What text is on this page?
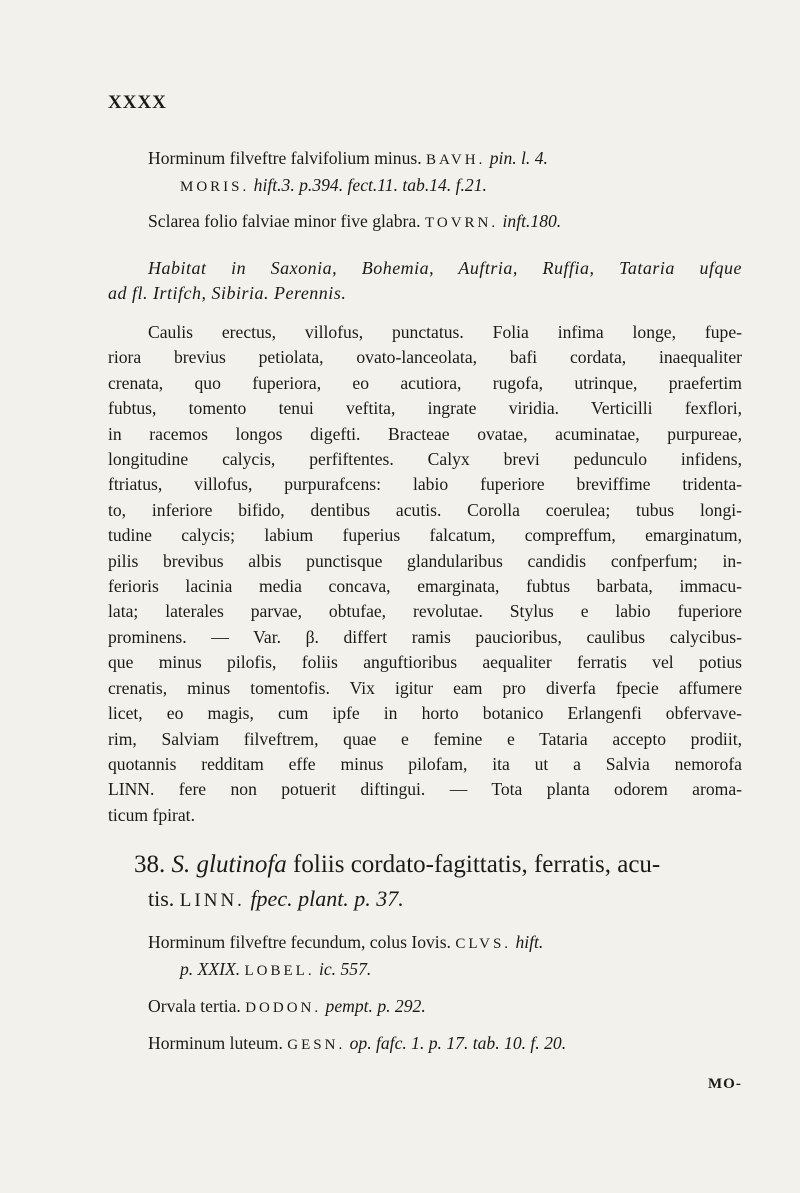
XXXX

Horminum filveftre falvifolium minus. BAVH. pin. l. 4.

MORIS. hift.3. p.394. fect.11. tab.14. f.21.

Sclarea folio falviae minor five glabra. TOVRN. inft.180.

Habitat in Saxonia, Bohemia, Auftria, Ruffia, Tataria ufque

ad fl. Irtifch, Sibiria. Perennis.

Caulis erectus, villofus, punctatus. Folia infima longe, fupe-

riora brevius petiolata, ovato-lanceolata, bafi cordata, inaequaliter

crenata, quo fuperiora, eo acutiora, rugofa, utrinque, praefertim

fubtus, tomento tenui veftita, ingrate viridia. Verticilli fexflori,

in racemos longos digefti. Bracteae ovatae, acuminatae, purpureae,

longitudine calycis, perfiftentes. Calyx brevi pedunculo infidens,

ftriatus, villofus, purpurafcens: labio fuperiore breviffime tridenta-

to, inferiore bifido, dentibus acutis. Corolla coerulea; tubus longi-

tudine calycis; labium fuperius falcatum, compreffum, emarginatum,

pilis brevibus albis punctisque glandularibus candidis confperfum; in-

ferioris lacinia media concava, emarginata, fubtus barbata, immacu-

lata; laterales parvae, obtufae, revolutae. Stylus e labio fuperiore

prominens. — Var. β. differt ramis paucioribus, caulibus calycibus-

que minus pilofis, foliis anguftioribus aequaliter ferratis vel potius

crenatis, minus tomentofis. Vix igitur eam pro diverfa fpecie affumere

licet, eo magis, cum ipfe in horto botanico Erlangenfi obfervave-

rim, Salviam filveftrem, quae e femine e Tataria accepto prodiit,

quotannis redditam effe minus pilofam, ita ut a Salvia nemorofa

LINN. fere non potuerit diftingui. — Tota planta odorem aroma-

ticum fpirat.

38. S. glutinofa foliis cordato-fagittatis, ferratis, acu-

tis. LINN. fpec. plant. p. 37.

Horminum filveftre fecundum, colus Iovis. CLVS. hift.

p. XXIX. LOBEL. ic. 557.

Orvala tertia. DODON. pempt. p. 292.

Horminum luteum. GESN. op. fafc. 1. p. 17. tab. 10. f. 20.

MO-
